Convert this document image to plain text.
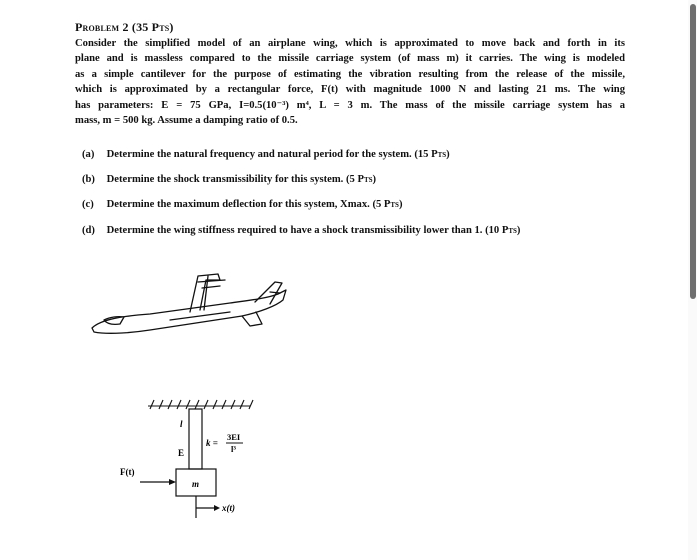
Problem 2 (35 Pts)
Consider the simplified model of an airplane wing, which is approximated to move back and forth in its
plane and is massless compared to the missile carriage system (of mass m) it carries. The wing is modeled
as a simple cantilever for the purpose of estimating the vibration resulting from the release of the missile,
which is approximated by a rectangular force, F(t) with magnitude 1000 N and lasting 21 ms. The wing
has parameters: E = 75 GPa, I=0.5(10⁻³) m⁴, L = 3 m. The mass of the missile carriage system has a
mass, m = 500 kg. Assume a damping ratio of 0.5.
(a) Determine the natural frequency and natural period for the system. (15 Pts)
(b) Determine the shock transmissibility for this system. (5 Pts)
(c) Determine the maximum deflection for this system, Xmax. (5 Pts)
(d) Determine the wing stiffness required to have a shock transmissibility lower than 1. (10 Pts)
l
E
k =
3EI
l³
F(t)
m
x(t)
